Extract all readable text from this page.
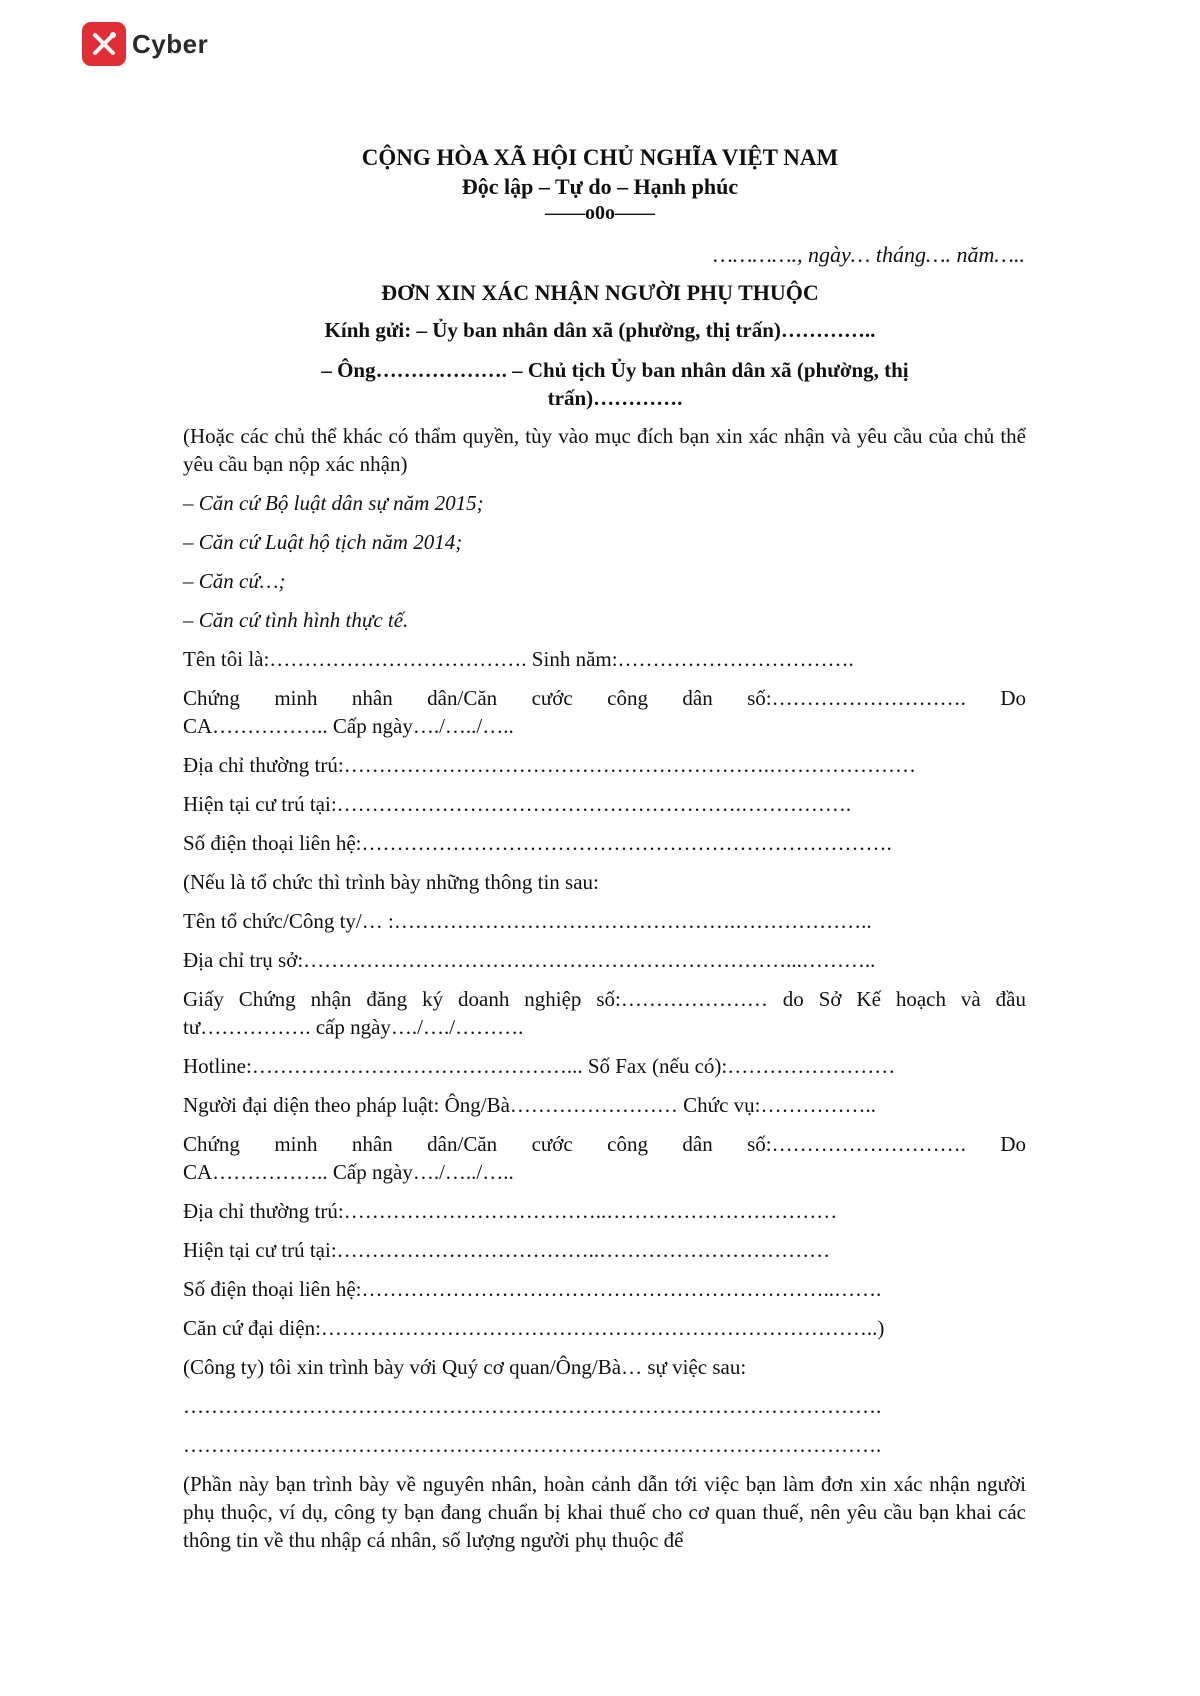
Cyber
CỘNG HÒA XÃ HỘI CHỦ NGHĨA VIỆT NAM
Độc lập – Tự do – Hạnh phúc
——o0o——
…………., ngày… tháng…. năm…..
ĐƠN XIN XÁC NHẬN NGƯỜI PHỤ THUỘC
Kính gửi: – Ủy ban nhân dân xã (phường, thị trấn)…………..
– Ông………………. – Chủ tịch Ủy ban nhân dân xã (phường, thị trấn)………….

(Hoặc các chủ thể khác có thẩm quyền, tùy vào mục đích bạn xin xác nhận và yêu cầu của chủ thể yêu cầu bạn nộp xác nhận)

– Căn cứ Bộ luật dân sự năm 2015;

– Căn cứ Luật hộ tịch năm 2014;

– Căn cứ…;

– Căn cứ tình hình thực tế.

Tên tôi là:………………………………. Sinh năm:…………………………….

Chứng minh nhân dân/Căn cước công dân số:………………………. Do

CA…………….. Cấp ngày…./…../…..

Địa chỉ thường trú:…………………………………………………….…………………

Hiện tại cư trú tại:………………………………………………….…………….

Số điện thoại liên hệ:………………………………………………………………….

(Nếu là tổ chức thì trình bày những thông tin sau:

Tên tổ chức/Công ty/… :………………………………………….………………..

Địa chỉ trụ sở:……………………………………………………………...………..

Giấy Chứng nhận đăng ký doanh nghiệp số:………………… do Sở Kế hoạch và đầu tư……………. cấp ngày…./…./……….

Hotline:………………………………………... Số Fax (nếu có):……………………

Người đại diện theo pháp luật: Ông/Bà…………………… Chức vụ:……………..

Chứng minh nhân dân/Căn cước công dân số:………………………. Do

CA…………….. Cấp ngày…./…../…..

Địa chỉ thường trú:………………………………..……………………………

Hiện tại cư trú tại:………………………………..……………………………

Số điện thoại liên hệ:…………………………………………………………..…….

Căn cứ đại diện:……………………………………………………………………..)

(Công ty) tôi xin trình bày với Quý cơ quan/Ông/Bà… sự việc sau:

……………………………………………………………………………………….

……………………………………………………………………………………….

(Phần này bạn trình bày về nguyên nhân, hoàn cảnh dẫn tới việc bạn làm đơn xin xác nhận người phụ thuộc, ví dụ, công ty bạn đang chuẩn bị khai thuế cho cơ quan thuế, nên yêu cầu bạn khai các thông tin về thu nhập cá nhân, số lượng người phụ thuộc để
